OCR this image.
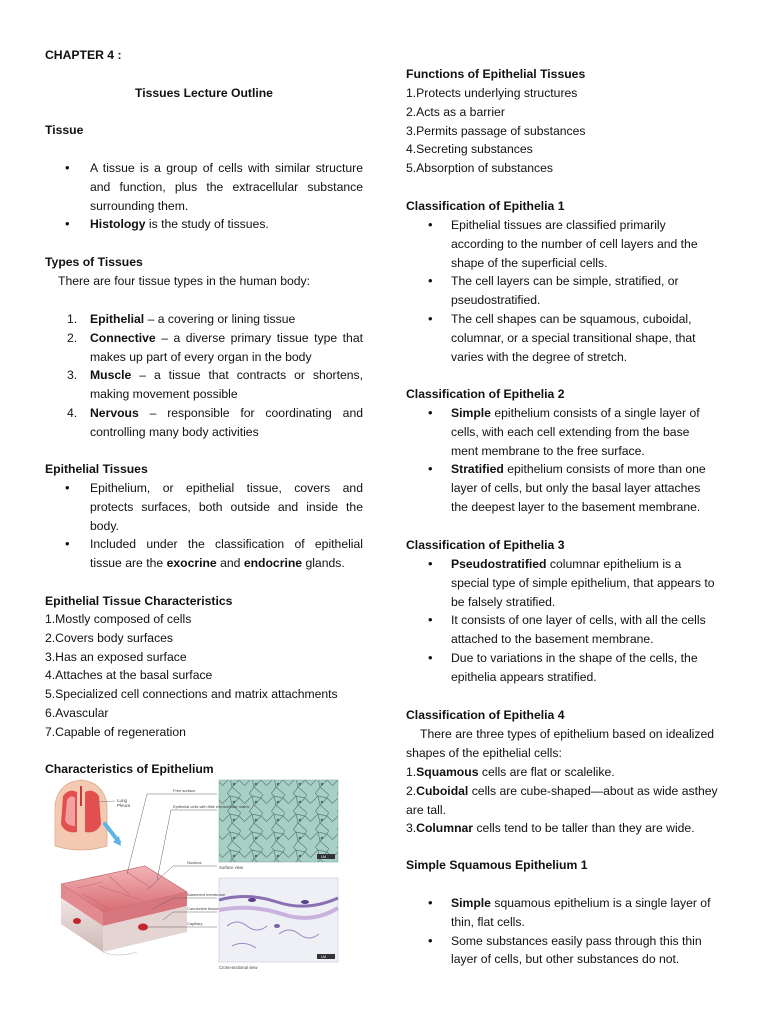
CHAPTER 4 :
Tissues Lecture Outline
Tissue
• A tissue is a group of cells with similar structure and function, plus the extracellular substance surrounding them.
• Histology is the study of tissues.
Types of Tissues
There are four tissue types in the human body:
1. Epithelial – a covering or lining tissue
2. Connective – a diverse primary tissue type that makes up part of every organ in the body
3. Muscle – a tissue that contracts or shortens, making movement possible
4. Nervous – responsible for coordinating and controlling many body activities
Epithelial Tissues
• Epithelium, or epithelial tissue, covers and protects surfaces, both outside and inside the body.
• Included under the classification of epithelial tissue are the exocrine and endocrine glands.
Epithelial Tissue Characteristics
1.Mostly composed of cells
2.Covers body surfaces
3.Has an exposed surface
4.Attaches at the basal surface
5.Specialized cell connections and matrix attachments
6.Avascular
7.Capable of regeneration
Characteristics of Epithelium
Lung
Pleura
LM
Surface view
LM
Cross-sectional view
Free surface
Epithelial cells with little extracellular matrix
Nucleus
Basement membrane
Connective tissue
Capillary
Functions of Epithelial Tissues
1.Protects underlying structures
2.Acts as a barrier
3.Permits passage of substances
4.Secreting substances
5.Absorption of substances
Classification of Epithelia 1
• Epithelial tissues are classified primarily according to the number of cell layers and the shape of the superficial cells.
• The cell layers can be simple, stratified, or pseudostratified.
• The cell shapes can be squamous, cuboidal, columnar, or a special transitional shape, that varies with the degree of stretch.
Classification of Epithelia 2
• Simple epithelium consists of a single layer of cells, with each cell extending from the base ment membrane to the free surface.
• Stratified epithelium consists of more than one layer of cells, but only the basal layer attaches the deepest layer to the basement membrane.
Classification of Epithelia 3
• Pseudostratified columnar epithelium is a special type of simple epithelium, that appears to be falsely stratified.
• It consists of one layer of cells, with all the cells attached to the basement membrane.
• Due to variations in the shape of the cells, the epithelia appears stratified.
Classification of Epithelia 4
There are three types of epithelium based on idealized shapes of the epithelial cells:
1.Squamous cells are flat or scalelike.
2.Cuboidal cells are cube-shaped—about as wide asthey are tall.
3.Columnar cells tend to be taller than they are wide.
Simple Squamous Epithelium 1
• Simple squamous epithelium is a single layer of thin, flat cells.
• Some substances easily pass through this thin layer of cells, but other substances do not.
